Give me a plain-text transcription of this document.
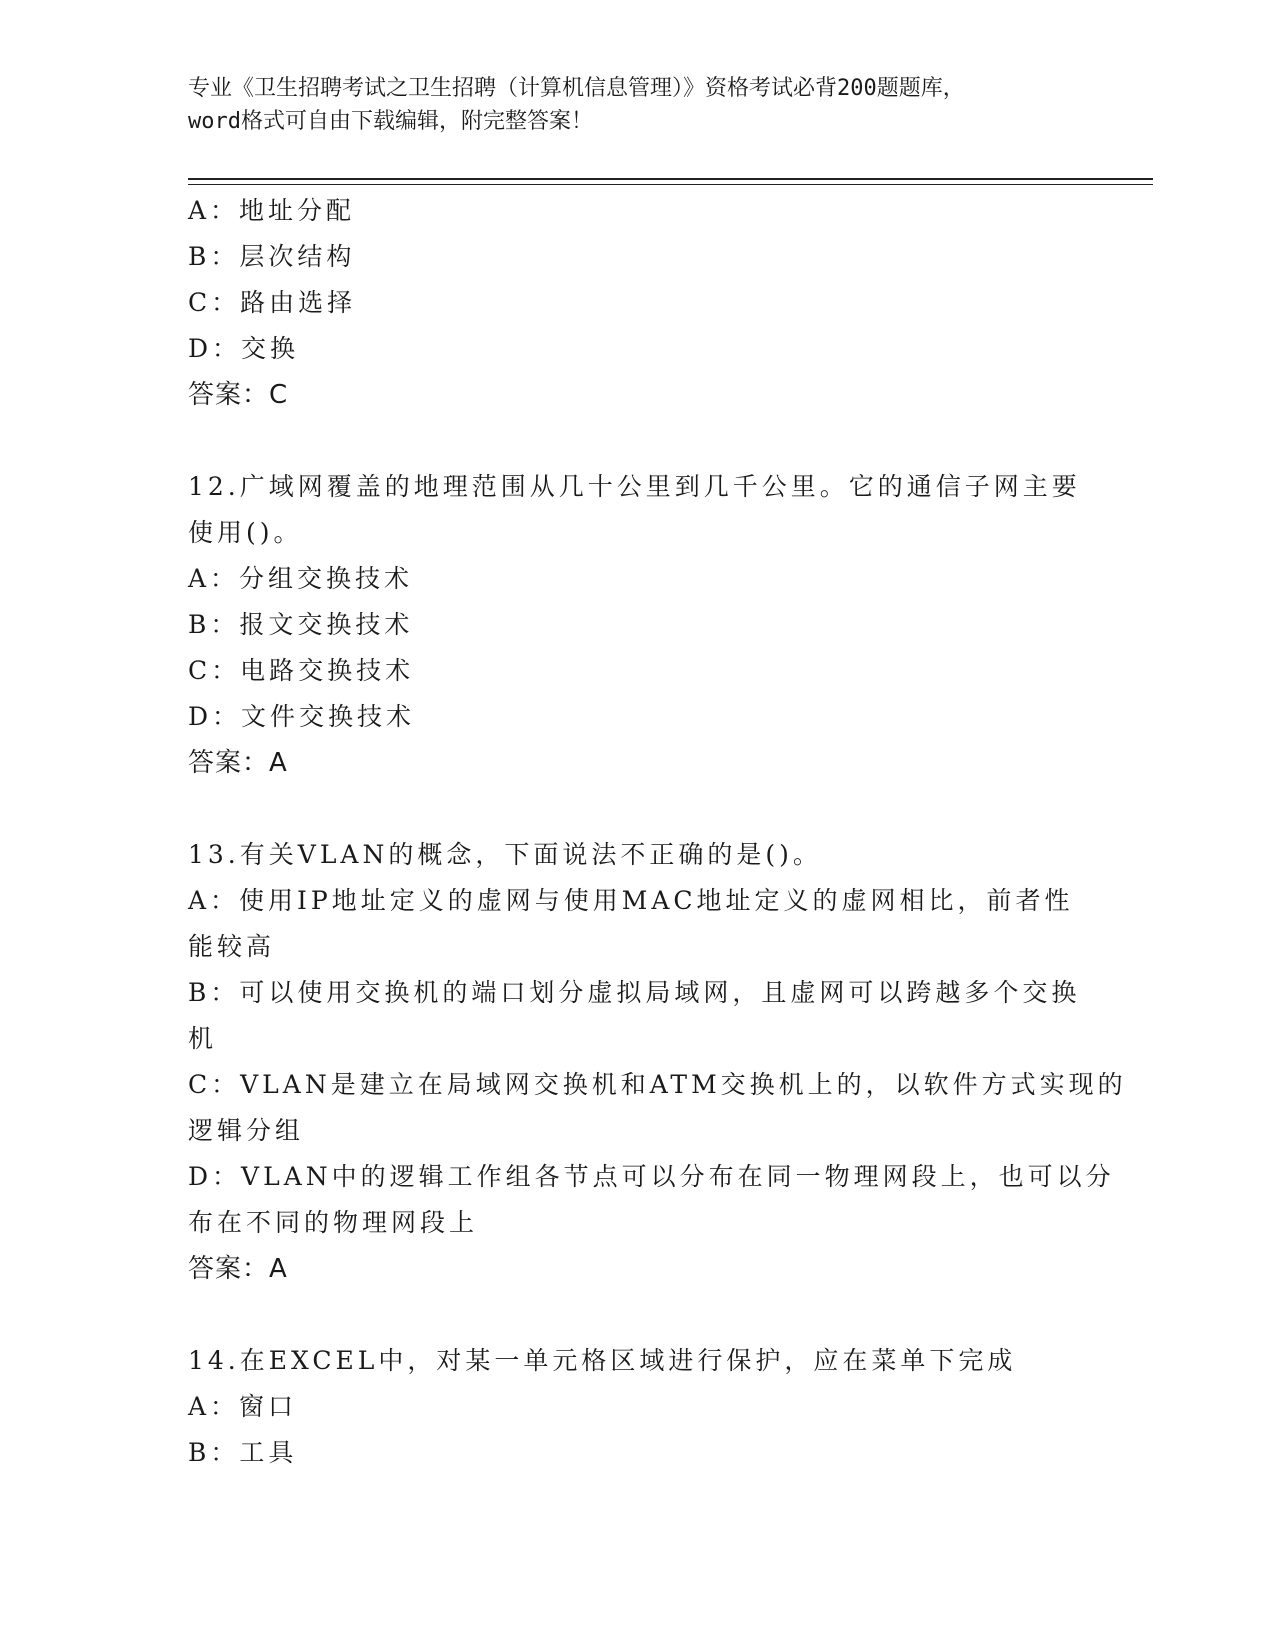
专业《卫生招聘考试之卫生招聘（计算机信息管理）》资格考试必背200题题库，
word格式可自由下载编辑，附完整答案！

A：地址分配

B：层次结构

C：路由选择

D：交换

答案：C

12.广域网覆盖的地理范围从几十公里到几千公里。它的通信子网主要

使用()。

A：分组交换技术

B：报文交换技术

C：电路交换技术

D：文件交换技术

答案：A

13.有关VLAN的概念，下面说法不正确的是()。

A：使用IP地址定义的虚网与使用MAC地址定义的虚网相比，前者性

能较高

B：可以使用交换机的端口划分虚拟局域网，且虚网可以跨越多个交换

机

C：VLAN是建立在局域网交换机和ATM交换机上的，以软件方式实现的

逻辑分组

D：VLAN中的逻辑工作组各节点可以分布在同一物理网段上，也可以分

布在不同的物理网段上

答案：A

14.在EXCEL中，对某一单元格区域进行保护，应在菜单下完成

A：窗口

B：工具
